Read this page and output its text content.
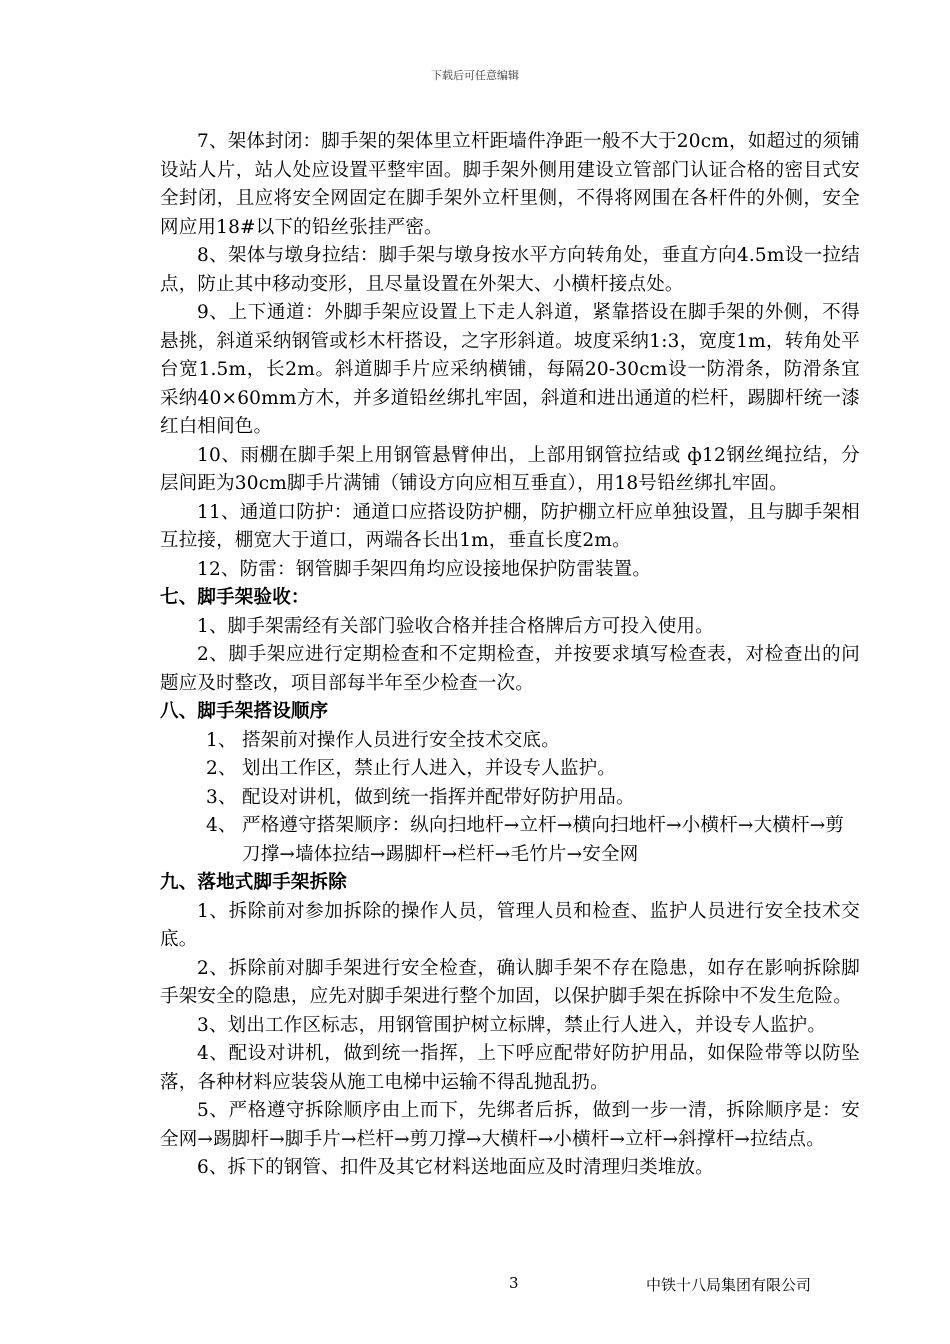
下载后可任意编辑

7、架体封闭：脚手架的架体里立杆距墙件净距一般不大于20cm，如超过的须铺设站人片，站人处应设置平整牢固。脚手架外侧用建设立管部门认证合格的密目式安全封闭，且应将安全网固定在脚手架外立杆里侧，不得将网围在各杆件的外侧，安全网应用18#以下的铅丝张挂严密。

8、架体与墩身拉结：脚手架与墩身按水平方向转角处，垂直方向4.5m设一拉结点，防止其中移动变形，且尽量设置在外架大、小横杆接点处。

9、上下通道：外脚手架应设置上下走人斜道，紧靠搭设在脚手架的外侧，不得悬挑，斜道采纳钢管或杉木杆搭设，之字形斜道。坡度采纳1:3，宽度1m，转角处平台宽1.5m，长2m。斜道脚手片应采纳横铺，每隔20-30cm设一防滑条，防滑条宜采纳40×60mm方木，并多道铅丝绑扎牢固，斜道和进出通道的栏杆，踢脚杆统一漆红白相间色。

10、雨棚在脚手架上用钢管悬臂伸出，上部用钢管拉结或 ф12钢丝绳拉结，分层间距为30cm脚手片满铺（铺设方向应相互垂直），用18号铅丝绑扎牢固。

11、通道口防护：通道口应搭设防护棚，防护棚立杆应单独设置，且与脚手架相互拉接，棚宽大于道口，两端各长出1m，垂直长度2m。

12、防雷：钢管脚手架四角均应设接地保护防雷装置。

七、脚手架验收：

1、脚手架需经有关部门验收合格并挂合格牌后方可投入使用。

2、脚手架应进行定期检查和不定期检查，并按要求填写检查表，对检查出的问题应及时整改，项目部每半年至少检查一次。

八、脚手架搭设顺序

1、 搭架前对操作人员进行安全技术交底。

2、 划出工作区，禁止行人进入，并设专人监护。

3、 配设对讲机，做到统一指挥并配带好防护用品。

4、 严格遵守搭架顺序：纵向扫地杆→立杆→横向扫地杆→小横杆→大横杆→剪刀撑→墙体拉结→踢脚杆→栏杆→毛竹片→安全网

九、落地式脚手架拆除

1、拆除前对参加拆除的操作人员，管理人员和检查、监护人员进行安全技术交底。

2、拆除前对脚手架进行安全检查，确认脚手架不存在隐患，如存在影响拆除脚手架安全的隐患，应先对脚手架进行整个加固，以保护脚手架在拆除中不发生危险。

3、划出工作区标志，用钢管围护树立标牌，禁止行人进入，并设专人监护。

4、配设对讲机，做到统一指挥，上下呼应配带好防护用品，如保险带等以防坠落，各种材料应装袋从施工电梯中运输不得乱抛乱扔。

5、严格遵守拆除顺序由上而下，先绑者后拆，做到一步一清，拆除顺序是：安全网→踢脚杆→脚手片→栏杆→剪刀撑→大横杆→小横杆→立杆→斜撑杆→拉结点。

6、拆下的钢管、扣件及其它材料送地面应及时清理归类堆放。

3	中铁十八局集团有限公司
